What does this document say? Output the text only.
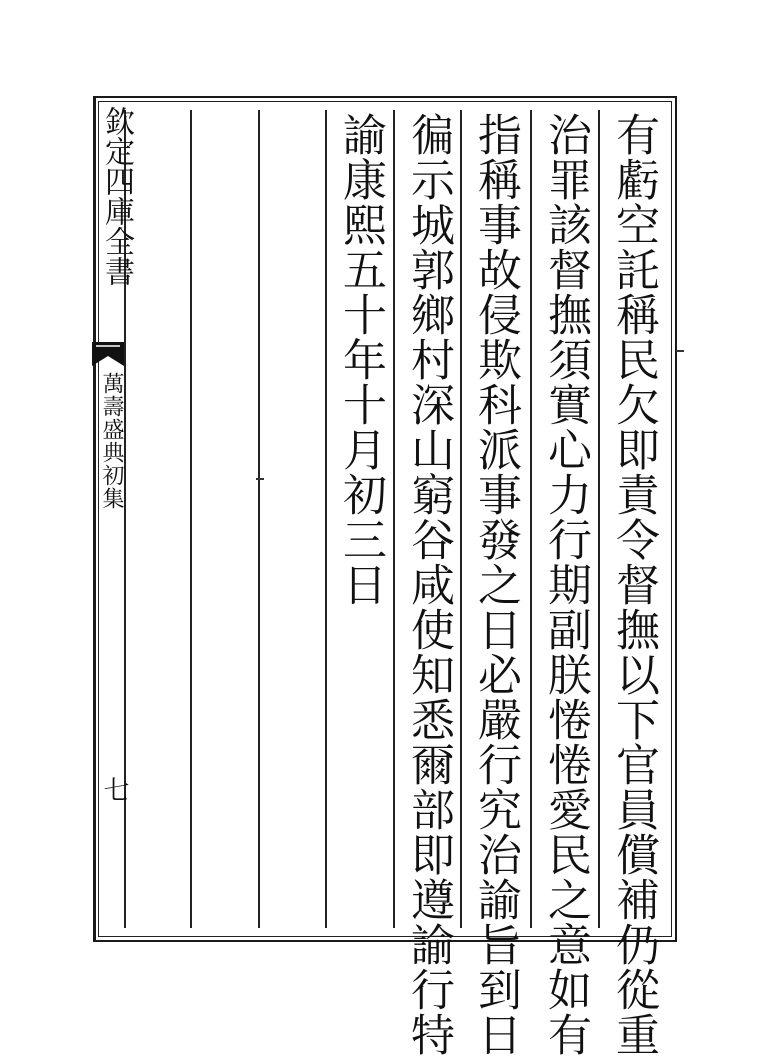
欽定四庫全書
萬壽盛典初集
七	有虧空託稱民欠即責令督撫以下官員償補仍從重
治罪該督撫須實心力行期副朕惓惓愛民之意如有
指稱事故侵欺科派事發之日必嚴行究治諭旨到日
徧示城郭鄉村深山窮谷咸使知悉爾部即遵諭行特
諭康熙五十年十月初三日
